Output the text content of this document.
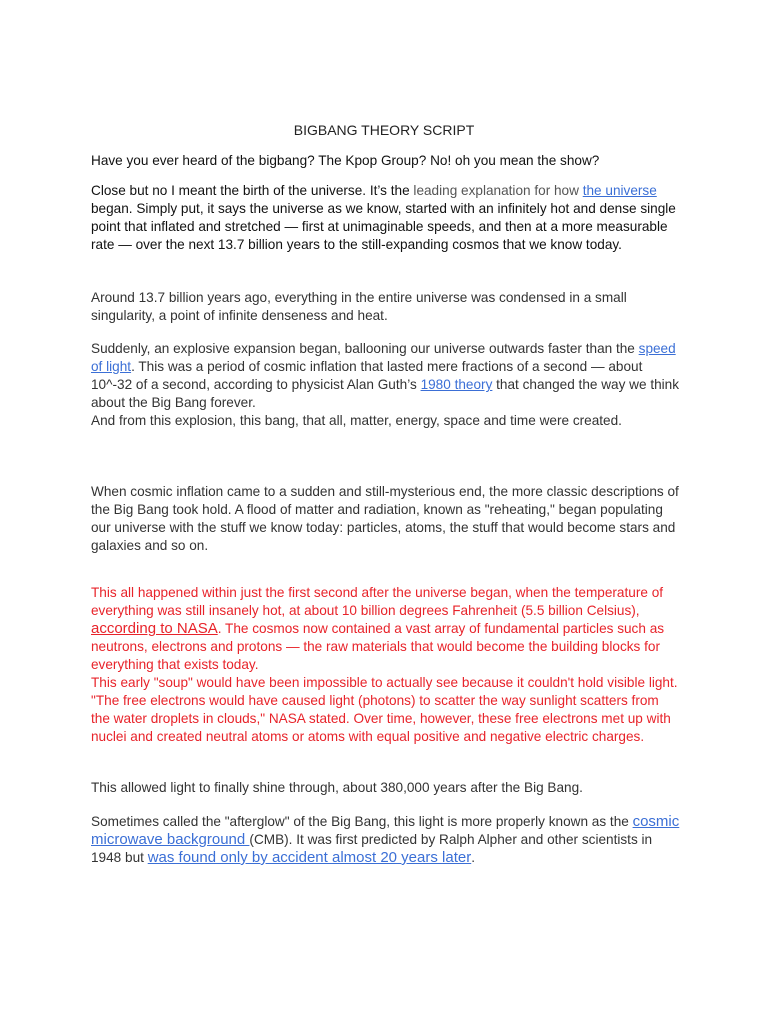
BIGBANG THEORY SCRIPT

Have you ever heard of the bigbang? The Kpop Group? No! oh you mean the show?

Close but no I meant the birth of the universe. It’s the leading explanation for how the universe began. Simply put, it says the universe as we know, started with an infinitely hot and dense single point that inflated and stretched — first at unimaginable speeds, and then at a more measurable rate — over the next 13.7 billion years to the still-expanding cosmos that we know today.

Around 13.7 billion years ago, everything in the entire universe was condensed in a small singularity, a point of infinite denseness and heat.

Suddenly, an explosive expansion began, ballooning our universe outwards faster than the speed of light. This was a period of cosmic inflation that lasted mere fractions of a second — about 10^-32 of a second, according to physicist Alan Guth’s 1980 theory that changed the way we think about the Big Bang forever.
And from this explosion, this bang, that all, matter, energy, space and time were created.

When cosmic inflation came to a sudden and still-mysterious end, the more classic descriptions of the Big Bang took hold. A flood of matter and radiation, known as "reheating," began populating our universe with the stuff we know today: particles, atoms, the stuff that would become stars and galaxies and so on.

This all happened within just the first second after the universe began, when the temperature of everything was still insanely hot, at about 10 billion degrees Fahrenheit (5.5 billion Celsius), according to NASA. The cosmos now contained a vast array of fundamental particles such as neutrons, electrons and protons — the raw materials that would become the building blocks for everything that exists today.
This early "soup" would have been impossible to actually see because it couldn't hold visible light. "The free electrons would have caused light (photons) to scatter the way sunlight scatters from the water droplets in clouds," NASA stated. Over time, however, these free electrons met up with nuclei and created neutral atoms or atoms with equal positive and negative electric charges.

This allowed light to finally shine through, about 380,000 years after the Big Bang.

Sometimes called the "afterglow" of the Big Bang, this light is more properly known as the cosmic microwave background (CMB). It was first predicted by Ralph Alpher and other scientists in 1948 but was found only by accident almost 20 years later.
